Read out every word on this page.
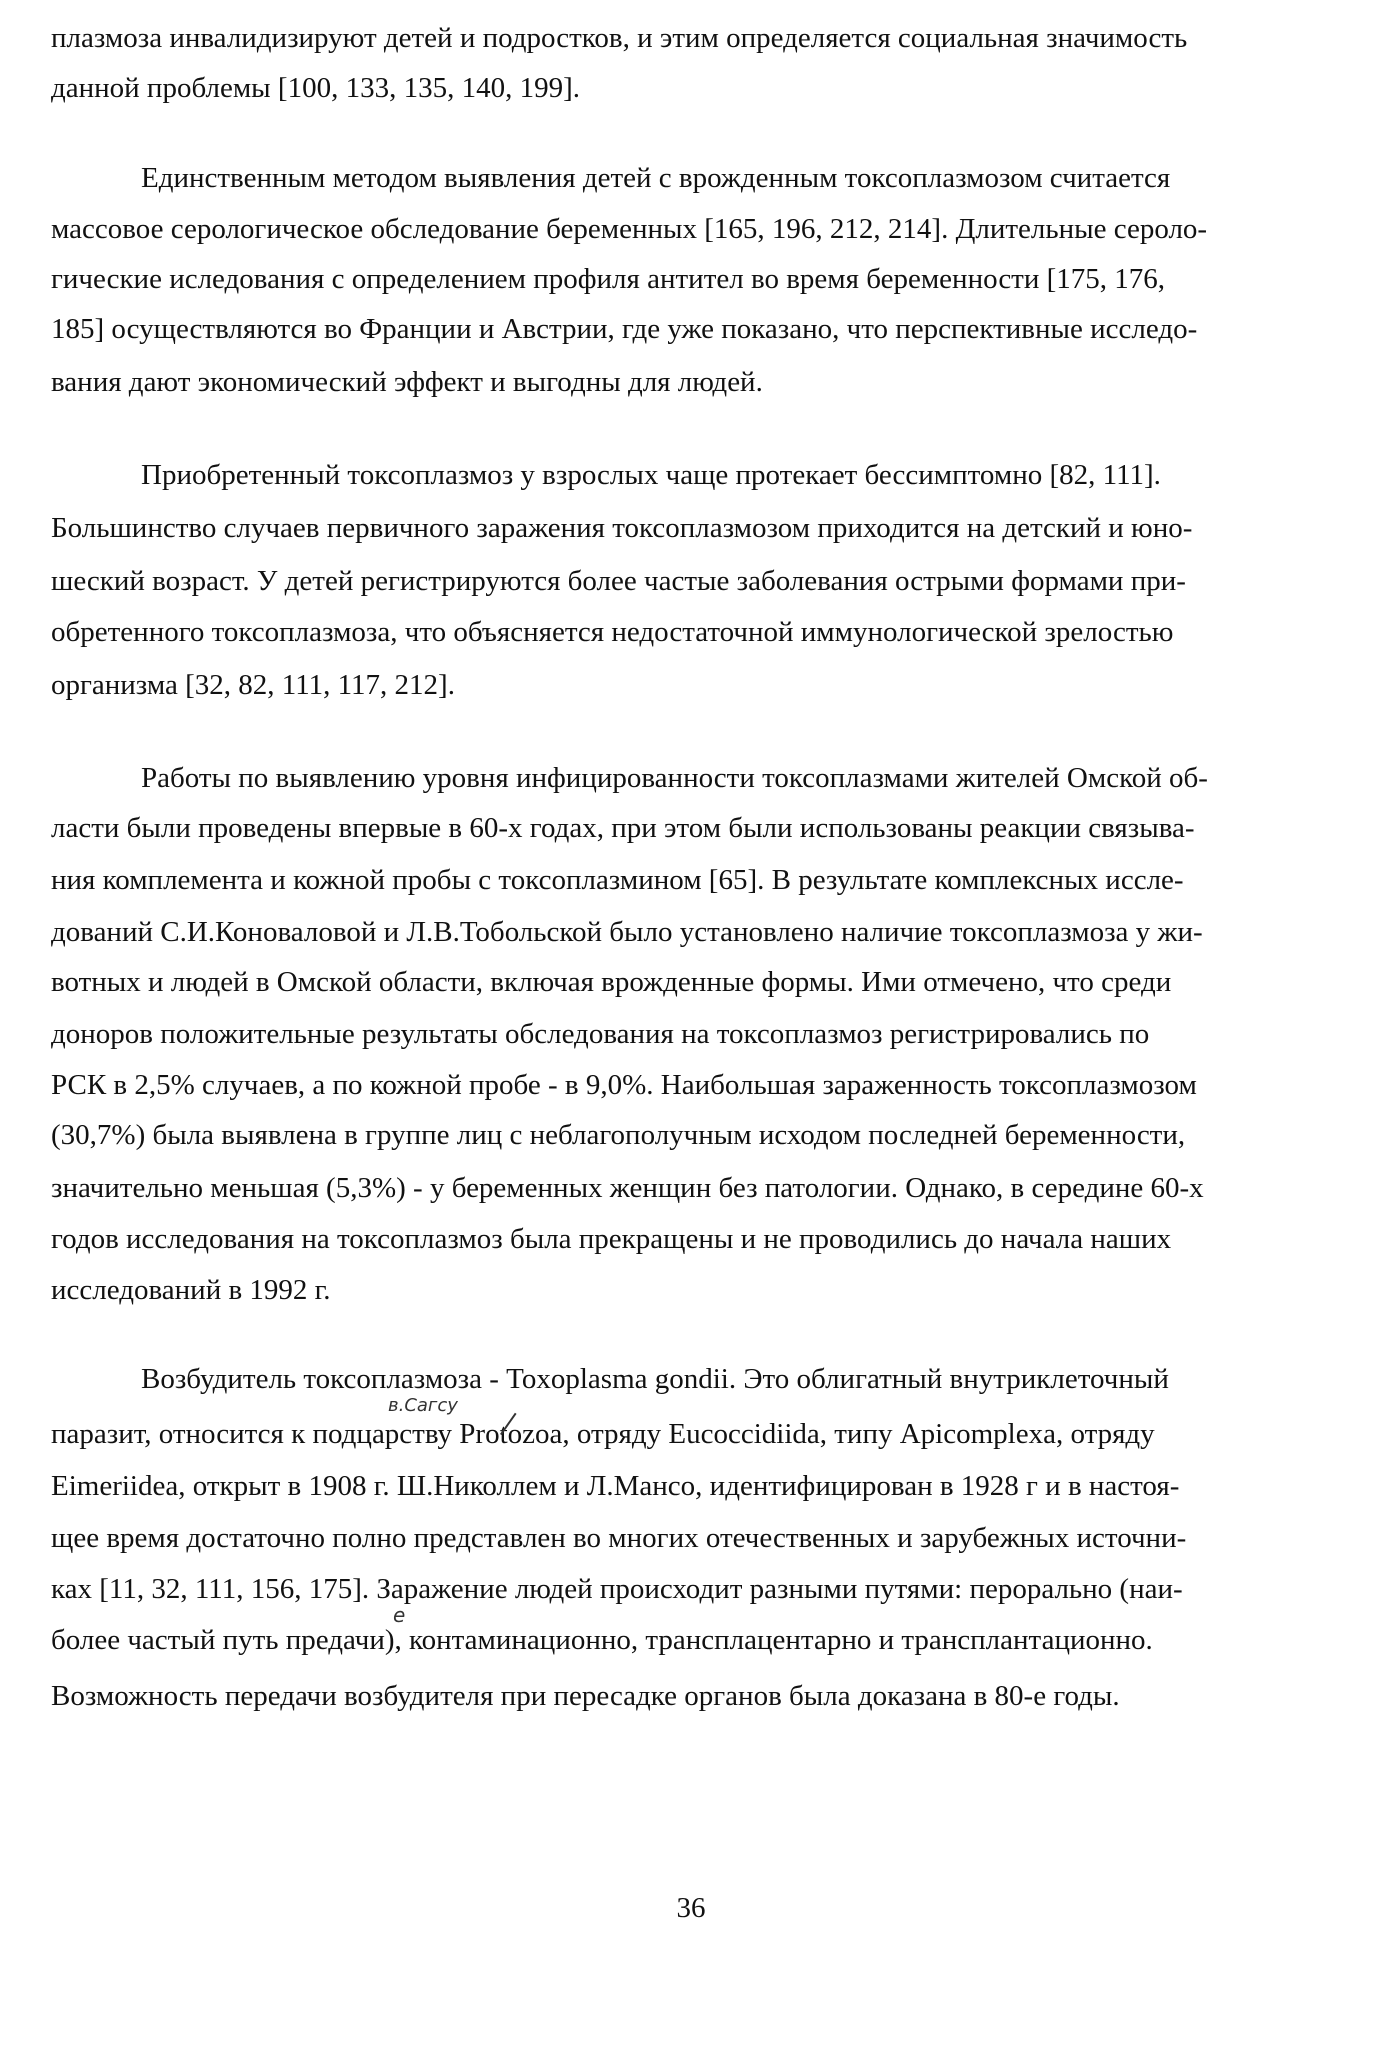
плазмоза инвалидизируют детей и подростков, и этим определяется социальная значимость
данной проблемы [100, 133, 135, 140, 199].
Единственным методом выявления детей с врожденным токсоплазмозом считается
массовое серологическое обследование беременных [165, 196, 212, 214]. Длительные сероло-
гические иследования с определением профиля антител во время беременности [175, 176,
185] осуществляются во Франции и Австрии, где уже показано, что перспективные исследо-
вания дают экономический эффект и выгодны для людей.
Приобретенный токсоплазмоз у взрослых чаще протекает бессимптомно [82, 111].
Большинство случаев первичного заражения токсоплазмозом приходится на детский и юно-
шеский возраст. У детей регистрируются более частые заболевания острыми формами при-
обретенного токсоплазмоза, что объясняется недостаточной иммунологической зрелостью
организма [32, 82, 111, 117, 212].
Работы по выявлению уровня инфицированности токсоплазмами жителей Омской об-
ласти были проведены впервые в 60-х годах, при этом были использованы реакции связыва-
ния комплемента и кожной пробы с токсоплазмином [65]. В результате комплексных иссле-
дований С.И.Коноваловой и Л.В.Тобольской было установлено наличие токсоплазмоза у жи-
вотных и людей в Омской области, включая врожденные формы. Ими отмечено, что среди
доноров положительные результаты обследования на токсоплазмоз регистрировались по
РСК в 2,5% случаев, а по кожной пробе - в 9,0%. Наибольшая зараженность токсоплазмозом
(30,7%) была выявлена в группе лиц с неблагополучным исходом последней беременности,
значительно меньшая (5,3%) - у беременных женщин без патологии. Однако, в середине 60-х
годов исследования на токсоплазмоз была прекращены и не проводились до начала наших
исследований в 1992 г.
Возбудитель токсоплазмоза - Toxoplasma gondii. Это облигатный внутриклеточный
паразит, относится к подцарству Protozoa, отряду Eucoccidiida, типу Apicomplexa, отряду
Eimeriidea, открыт в 1908 г. Ш.Николлем и Л.Мансо, идентифицирован в 1928 г и в настоя-
щее время достаточно полно представлен во многих отечественных и зарубежных источни-
ках [11, 32, 111, 156, 175]. Заражение людей происходит разными путями: перорально (наи-
более частый путь предачи), контаминационно, трансплацентарно и трансплантационно.
Возможность передачи возбудителя при пересадке органов была доказана в 80-е годы.
в.Сагсу
е
36
